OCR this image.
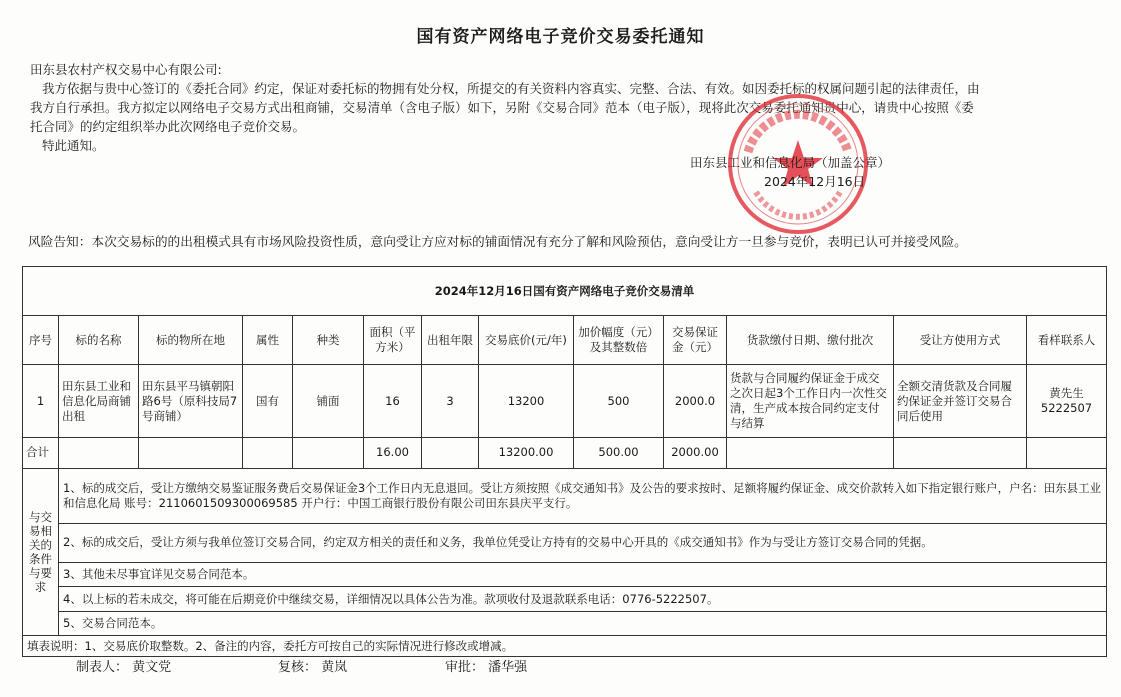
国有资产网络电子竞价交易委托通知
田东县农村产权交易中心有限公司:
我方依据与贵中心签订的《委托合同》约定，保证对委托标的物拥有处分权，所提交的有关资料内容真实、完整、合法、有效。如因委托标的权属问题引起的法律责任，由
我方自行承担。我方拟定以网络电子交易方式出租商铺，交易清单（含电子版）如下，另附《交易合同》范本（电子版），现将此次交易委托通知贵中心，请贵中心按照《委
托合同》的约定组织举办此次网络电子竞价交易。
特此通知。
田东县工业和信息化局（加盖公章）
2024年12月16日
风险告知：本次交易标的的出租模式具有市场风险投资性质，意向受让方应对标的铺面情况有充分了解和风险预估，意向受让方一旦参与竞价，表明已认可并接受风险。
2024年12月16日国有资产网络电子竞价交易清单												
序号	标的名称	标的物所在地	属性	种类	面积（平方米）	出租年限	交易底价(元/年)	加价幅度（元）及其整数倍	交易保证金（元）	货款缴付日期、缴付批次	受让方使用方式	看样联系人
1	田东县工业和信息化局商铺出租	田东县平马镇朝阳路6号（原科技局7号商铺）	国有	铺面	16	3	13200	500	2000.0	货款与合同履约保证金于成交之次日起3个工作日内一次性交清，生产成本按合同约定支付与结算	全额交清货款及合同履约保证金并签订交易合同后使用	黄先生 5222507
合计					16.00		13200.00	500.00	2000.00			
与交易相关的条件与要求	1、标的成交后，受让方缴纳交易鉴证服务费后交易保证金3个工作日内无息退回。受让方须按照《成交通知书》及公告的要求按时、足额将履约保证金、成交价款转入如下指定银行账户，户名：田东县工业和信息化局 账号：2110601509300069585 开户行：中国工商银行股份有限公司田东县庆平支行。											
	2、标的成交后，受让方须与我单位签订交易合同，约定双方相关的责任和义务，我单位凭受让方持有的交易中心开具的《成交通知书》作为与受让方签订交易合同的凭据。											
	3、其他未尽事宜详见交易合同范本。											
	4、以上标的若未成交，将可能在后期竞价中继续交易，详细情况以具体公告为准。款项收付及退款联系电话：0776-5222507。											
	5、交易合同范本。											
填表说明：1、交易底价取整数。2、备注的内容，委托方可按自己的实际情况进行修改或增减。												
制表人： 黄文党	复核： 黄岚	审批： 潘华强
